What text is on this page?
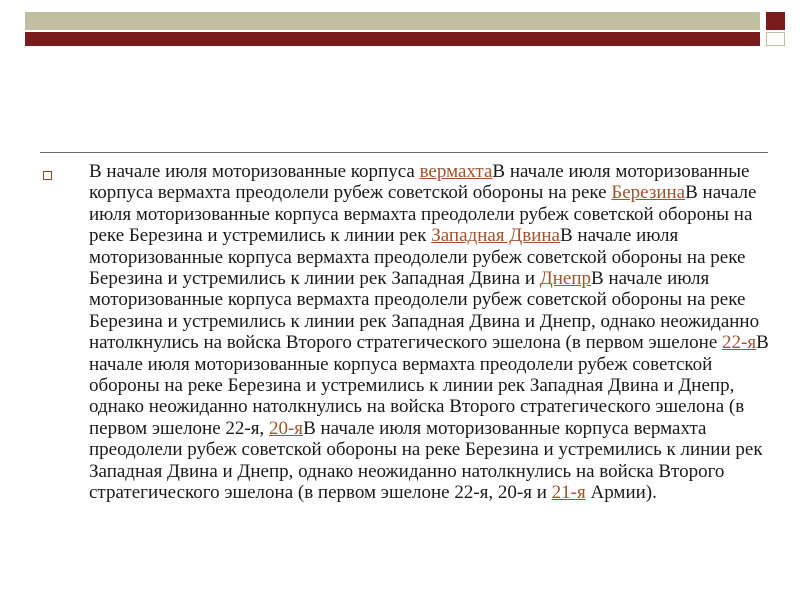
В начале июля моторизованные корпуса вермахтаВ начале июля моторизованные корпуса вермахта преодолели рубеж советской обороны на реке БерезинаВ начале июля моторизованные корпуса вермахта преодолели рубеж советской обороны на реке Березина и устремились к линии рек Западная ДвинаВ начале июля моторизованные корпуса вермахта преодолели рубеж советской обороны на реке Березина и устремились к линии рек Западная Двина и ДнепрВ начале июля моторизованные корпуса вермахта преодолели рубеж советской обороны на реке Березина и устремились к линии рек Западная Двина и Днепр, однако неожиданно натолкнулись на войска Второго стратегического эшелона (в первом эшелоне 22-яВ начале июля моторизованные корпуса вермахта преодолели рубеж советской обороны на реке Березина и устремились к линии рек Западная Двина и Днепр, однако неожиданно натолкнулись на войска Второго стратегического эшелона (в первом эшелоне 22-я, 20-яВ начале июля моторизованные корпуса вермахта преодолели рубеж советской обороны на реке Березина и устремились к линии рек Западная Двина и Днепр, однако неожиданно натолкнулись на войска Второго стратегического эшелона (в первом эшелоне 22-я, 20-я и 21-я Армии).
